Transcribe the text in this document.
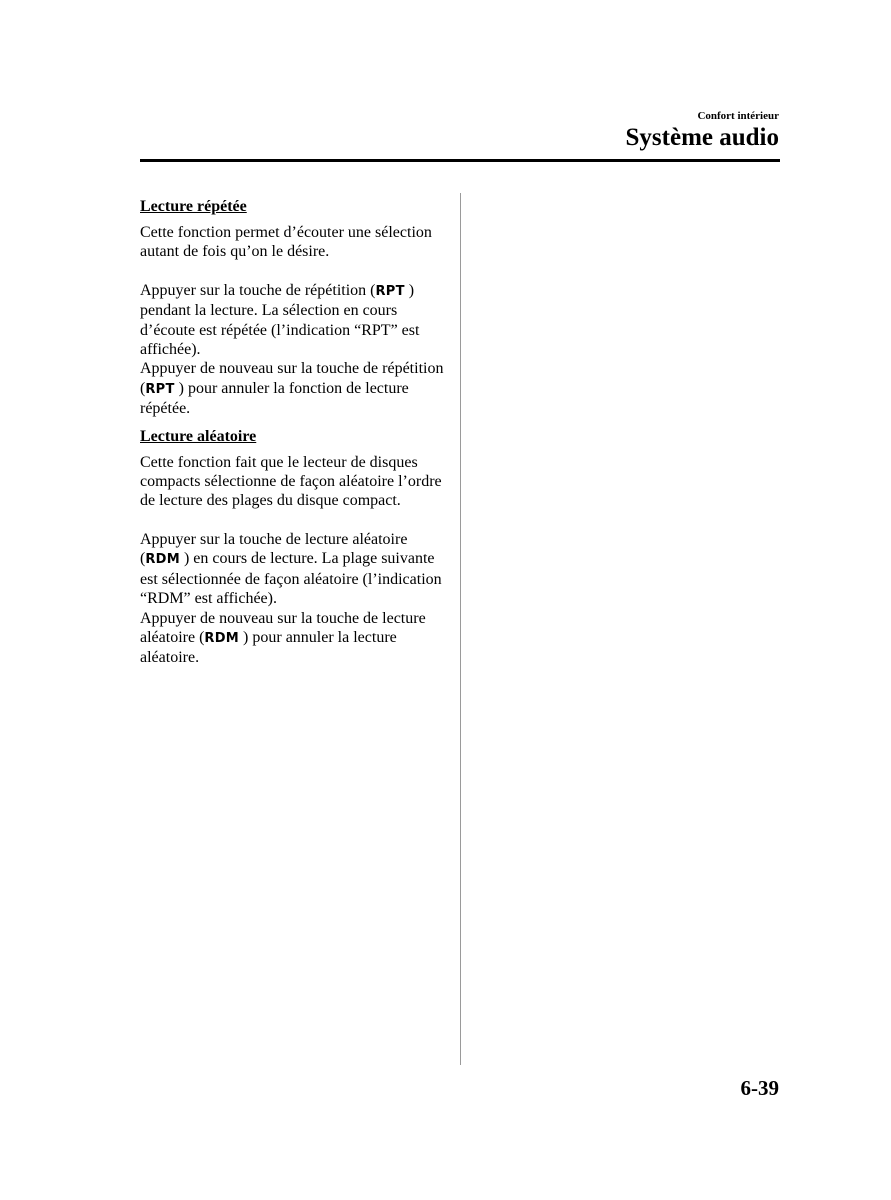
Confort intérieur
Système audio
Lecture répétée

Cette fonction permet d’écouter une sélection autant de fois qu’on le désire.

Appuyer sur la touche de répétition (RPT ) pendant la lecture. La sélection en cours d’écoute est répétée (l’indication “RPT” est affichée).

Appuyer de nouveau sur la touche de répétition (RPT ) pour annuler la fonction de lecture répétée.

Lecture aléatoire

Cette fonction fait que le lecteur de disques compacts sélectionne de façon aléatoire l’ordre de lecture des plages du disque compact.

Appuyer sur la touche de lecture aléatoire (RDM ) en cours de lecture. La plage suivante est sélectionnée de façon aléatoire (l’indication “RDM” est affichée).

Appuyer de nouveau sur la touche de lecture aléatoire (RDM ) pour annuler la lecture aléatoire.

6-39
